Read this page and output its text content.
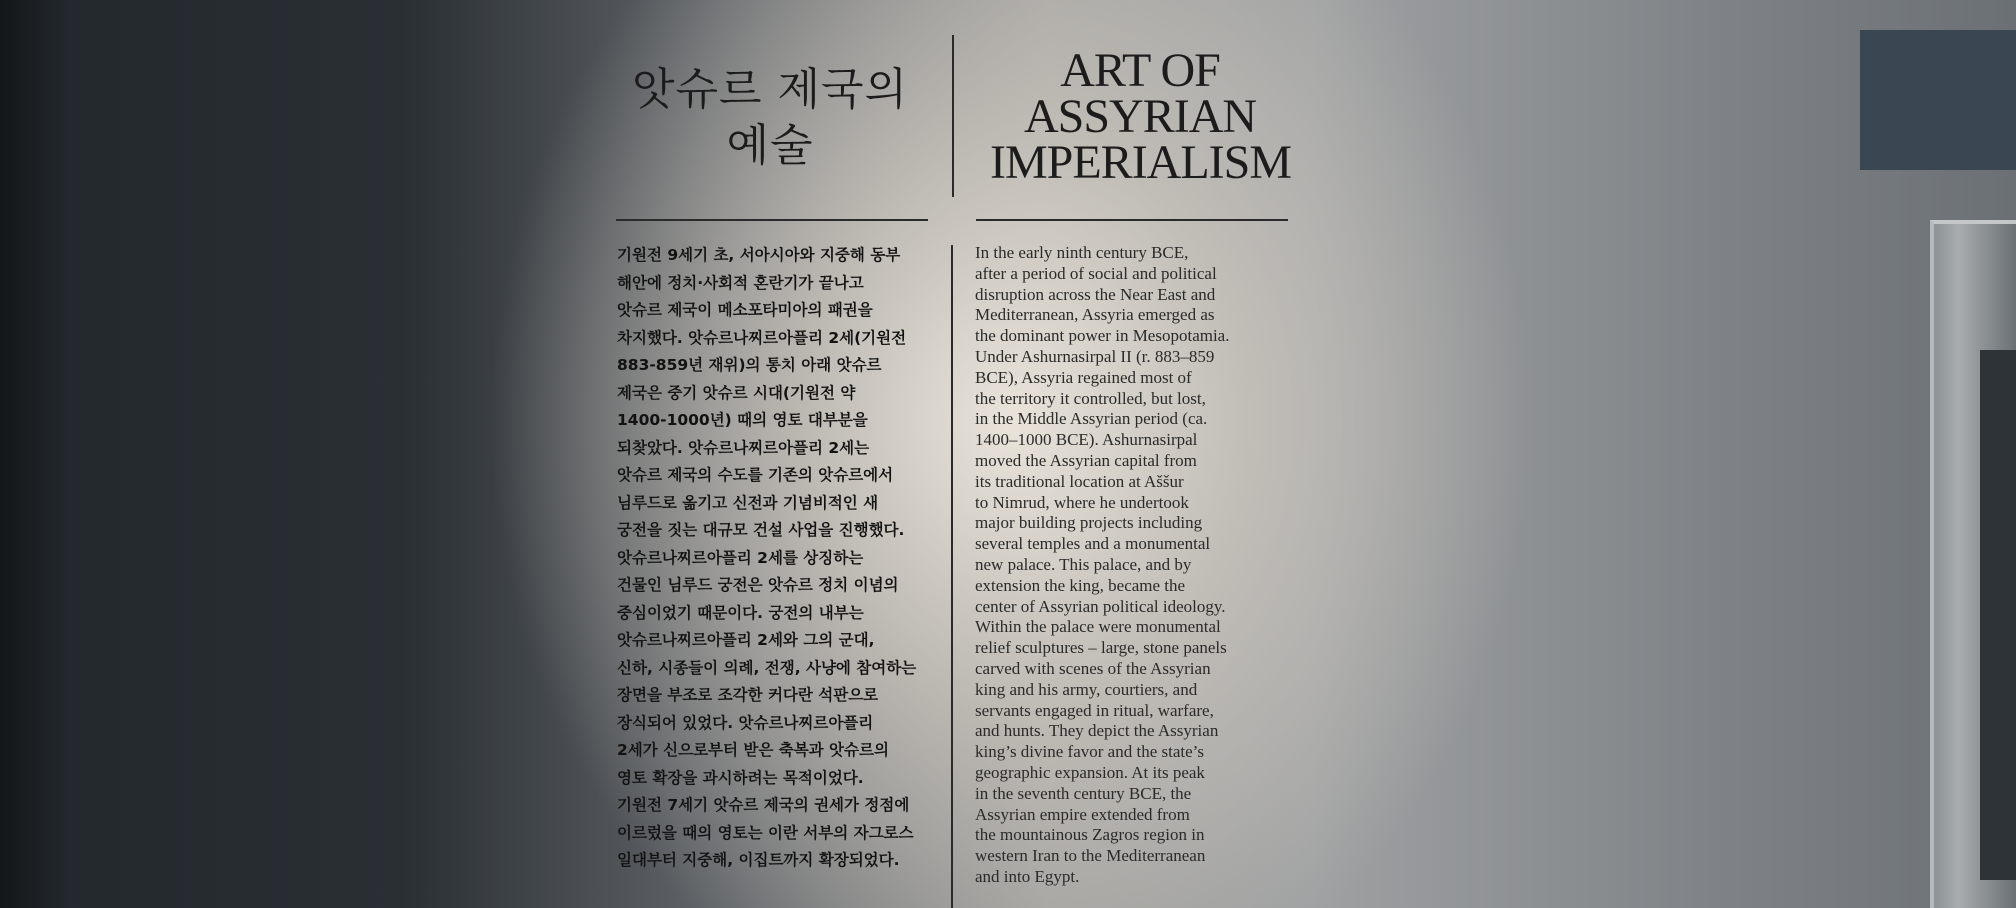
앗슈르 제국의
예술
ART OF
ASSYRIAN
IMPERIALISM
기원전 9세기 초, 서아시아와 지중해 동부
해안에 정치·사회적 혼란기가 끝나고
앗슈르 제국이 메소포타미아의 패권을
차지했다. 앗슈르나찌르아플리 2세(기원전
883-859년 재위)의 통치 아래 앗슈르
제국은 중기 앗슈르 시대(기원전 약
1400-1000년) 때의 영토 대부분을
되찾았다. 앗슈르나찌르아플리 2세는
앗슈르 제국의 수도를 기존의 앗슈르에서
님루드로 옮기고 신전과 기념비적인 새
궁전을 짓는 대규모 건설 사업을 진행했다.
앗슈르나찌르아플리 2세를 상징하는
건물인 님루드 궁전은 앗슈르 정치 이념의
중심이었기 때문이다. 궁전의 내부는
앗슈르나찌르아플리 2세와 그의 군대,
신하, 시종들이 의례, 전쟁, 사냥에 참여하는
장면을 부조로 조각한 커다란 석판으로
장식되어 있었다. 앗슈르나찌르아플리
2세가 신으로부터 받은 축복과 앗슈르의
영토 확장을 과시하려는 목적이었다.
기원전 7세기 앗슈르 제국의 권세가 정점에
이르렀을 때의 영토는 이란 서부의 자그로스
일대부터 지중해, 이집트까지 확장되었다.
In the early ninth century BCE,
after a period of social and political
disruption across the Near East and
Mediterranean, Assyria emerged as
the dominant power in Mesopotamia.
Under Ashurnasirpal II (r. 883–859
BCE), Assyria regained most of
the territory it controlled, but lost,
in the Middle Assyrian period (ca.
1400–1000 BCE). Ashurnasirpal
moved the Assyrian capital from
its traditional location at Aššur
to Nimrud, where he undertook
major building projects including
several temples and a monumental
new palace. This palace, and by
extension the king, became the
center of Assyrian political ideology.
Within the palace were monumental
relief sculptures – large, stone panels
carved with scenes of the Assyrian
king and his army, courtiers, and
servants engaged in ritual, warfare,
and hunts. They depict the Assyrian
king’s divine favor and the state’s
geographic expansion. At its peak
in the seventh century BCE, the
Assyrian empire extended from
the mountainous Zagros region in
western Iran to the Mediterranean
and into Egypt.
